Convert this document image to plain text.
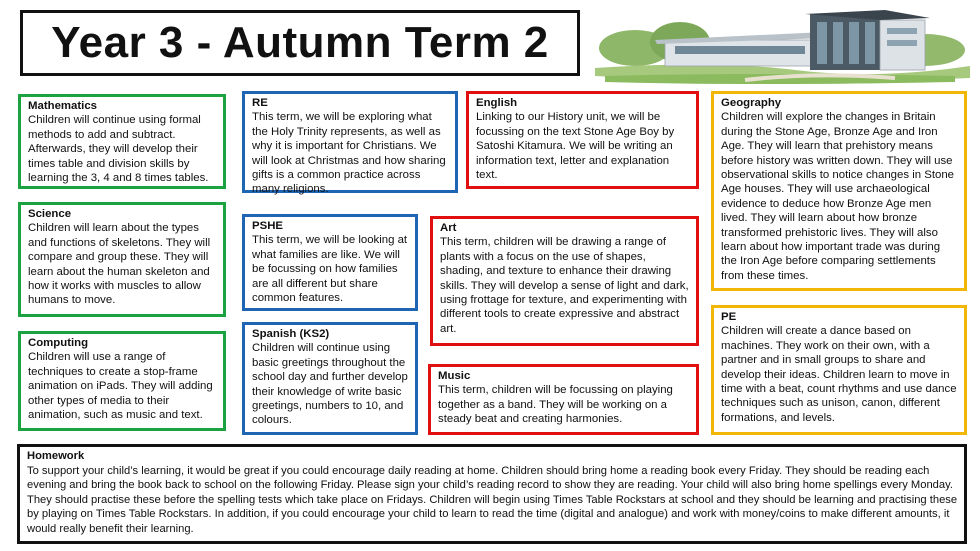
Year 3 - Autumn Term 2
Mathematics
Children will continue using formal methods to add and subtract. Afterwards, they will develop their times table and division skills by learning the 3, 4 and 8 times tables.
Science
Children will learn about the types and functions of skeletons. They will compare and group these. They will learn about the human skeleton and how it works with muscles to allow humans to move.
Computing
Children will use a range of techniques to create a stop-frame animation on iPads. They will adding other types of media to their animation, such as music and text.
RE
This term, we will be exploring what the Holy Trinity represents, as well as why it is important for Christians. We will look at Christmas and how sharing gifts is a common practice across many religions.
PSHE
This term, we will be looking at what families are like. We will be focussing on how families are all different but share common features.
Spanish (KS2)
Children will continue using basic greetings throughout the school day and further develop their knowledge of write basic greetings, numbers to 10, and colours.
English
Linking to our History unit, we will be focussing on the text Stone Age Boy by Satoshi Kitamura. We will be writing an information text, letter and explanation text.
Art
This term, children will be drawing a range of plants with a focus on the use of shapes, shading, and texture to enhance their drawing skills. They will develop a sense of light and dark, using frottage for texture, and experimenting with different tools to create expressive and abstract art.
Music
This term, children will be focussing on playing together as a band. They will be working on a steady beat and creating harmonies.
Geography
Children will explore the changes in Britain during the Stone Age, Bronze Age and Iron Age. They will learn that prehistory means before history was written down. They will use observational skills to notice changes in Stone Age houses. They will use archaeological evidence to deduce how Bronze Age men lived. They will learn about how bronze transformed prehistoric lives. They will also learn about how important trade was during the Iron Age before comparing settlements from these times.
PE
Children will create a dance based on machines. They work on their own, with a partner and in small groups to share and develop their ideas. Children learn to move in time with a beat, count rhythms and use dance techniques such as unison, canon, different formations, and levels.
Homework
To support your child’s learning, it would be great if you could encourage daily reading at home. Children should bring home a reading book every Friday. They should be reading each evening and bring the book back to school on the following Friday. Please sign your child’s reading record to show they are reading. Your child will also bring home spellings every Monday. They should practise these before the spelling tests which take place on Fridays. Children will begin using Times Table Rockstars at school and they should be learning and practising these by playing on Times Table Rockstars. In addition, if you could encourage your child to learn to read the time (digital and analogue) and work with money/coins to make different amounts, it would really benefit their learning.
